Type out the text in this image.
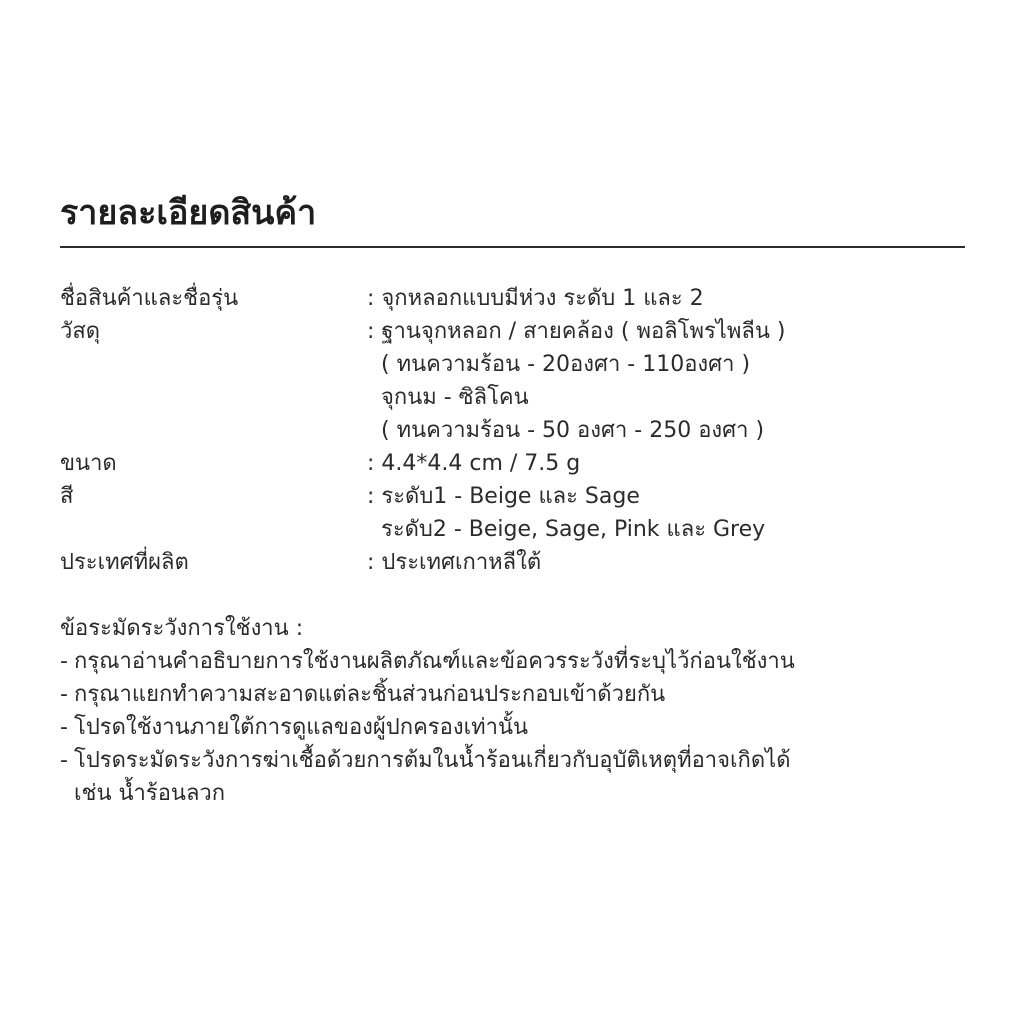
รายละเอียดสินค้า
ชื่อสินค้าและชื่อรุ่น	: จุกหลอกแบบมีห่วง ระดับ 1 และ 2
วัสดุ	: ฐานจุกหลอก / สายคล้อง ( พอลิโพรไพลีน )
( ทนความร้อน - 20องศา - 110องศา )
จุกนม - ซิลิโคน
( ทนความร้อน - 50 องศา - 250 องศา )
ขนาด	: 4.4*4.4 cm / 7.5 g
สี	: ระดับ1 - Beige และ Sage
ระดับ2 - Beige, Sage, Pink และ Grey
ประเทศที่ผลิต	: ประเทศเกาหลีใต้
ข้อระมัดระวังการใช้งาน :
- กรุณาอ่านคำอธิบายการใช้งานผลิตภัณฑ์และข้อควรระวังที่ระบุไว้ก่อนใช้งาน
- กรุณาแยกทำความสะอาดแต่ละชิ้นส่วนก่อนประกอบเข้าด้วยกัน
- โปรดใช้งานภายใต้การดูแลของผู้ปกครองเท่านั้น
- โปรดระมัดระวังการฆ่าเชื้อด้วยการต้มในน้ำร้อนเกี่ยวกับอุบัติเหตุที่อาจเกิดได้
เช่น น้ำร้อนลวก
